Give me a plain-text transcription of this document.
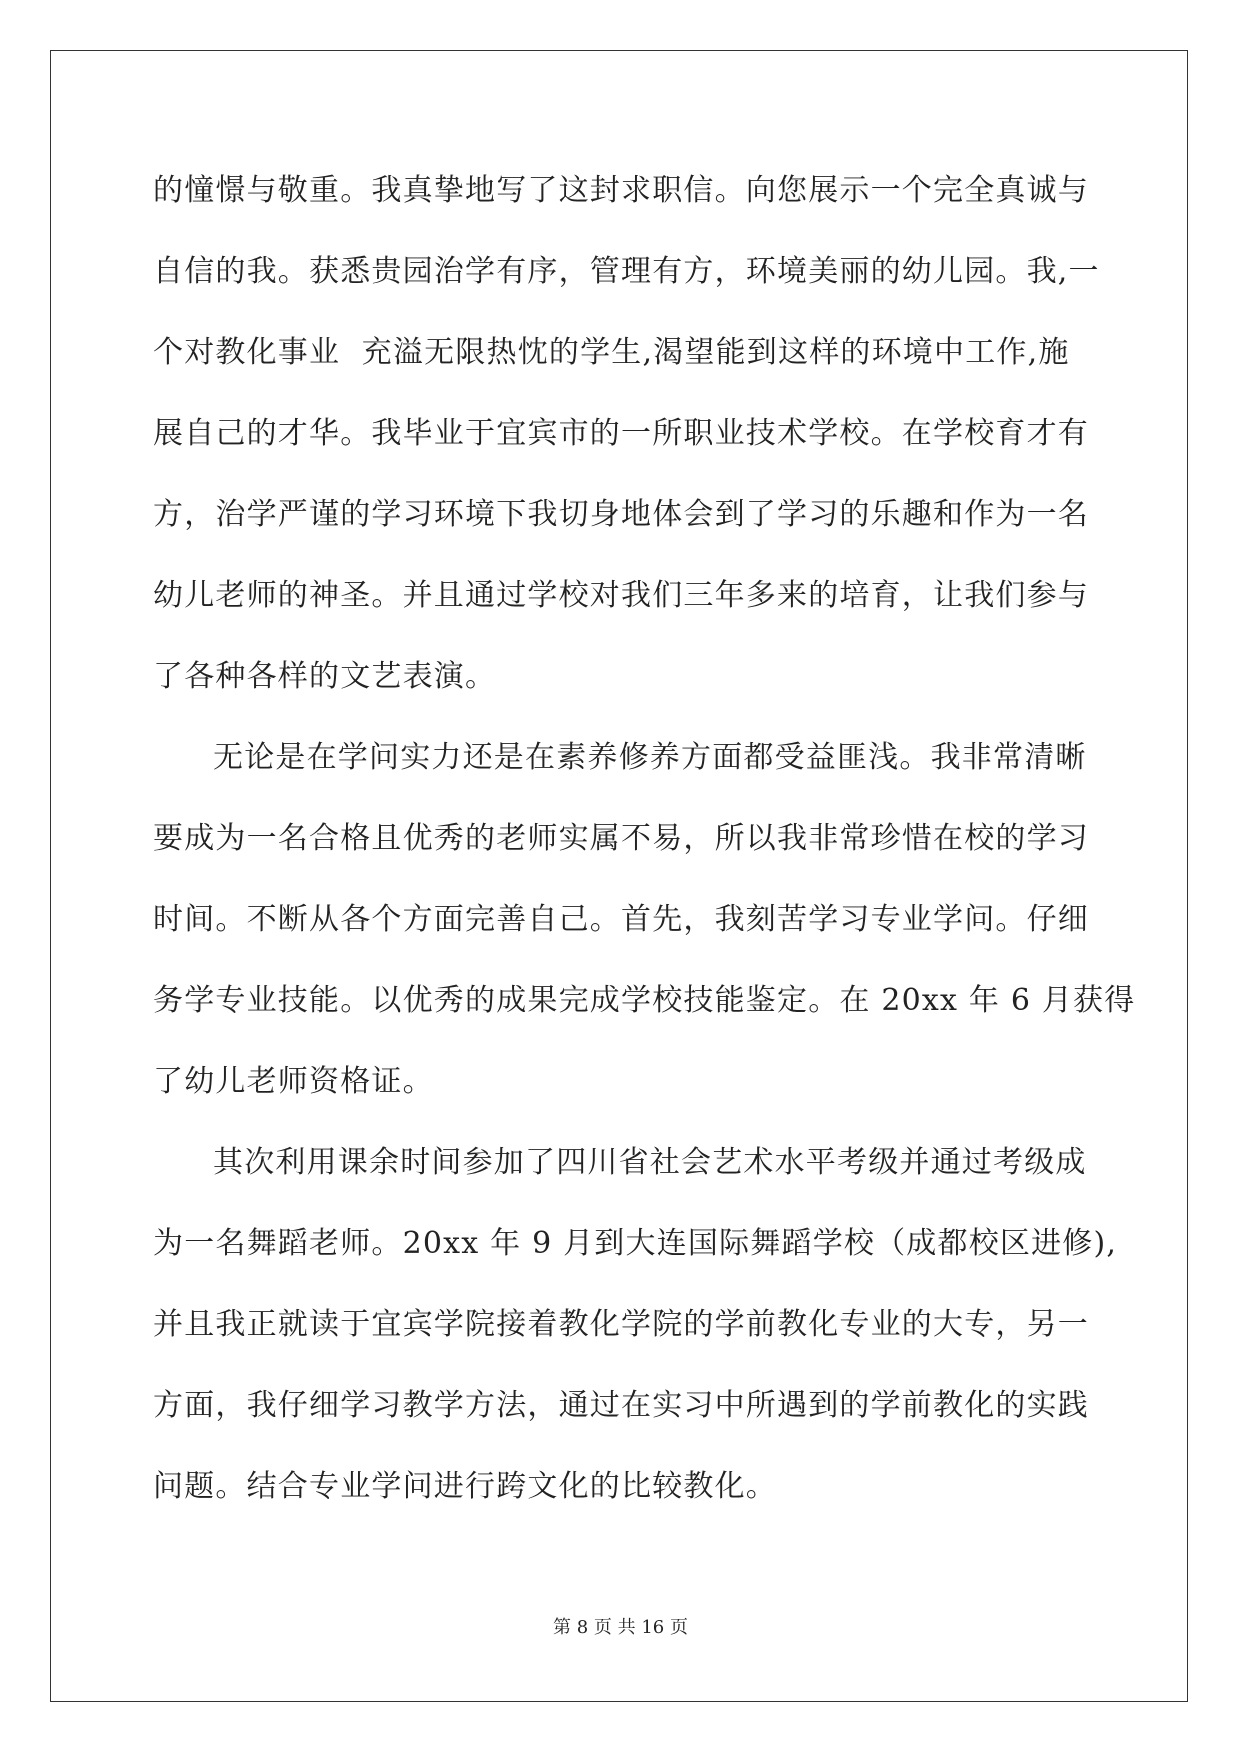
的憧憬与敬重。我真挚地写了这封求职信。向您展示一个完全真诚与
自信的我。获悉贵园治学有序，管理有方，环境美丽的幼儿园。我,一
个对教化事业  充溢无限热忱的学生,渴望能到这样的环境中工作,施
展自己的才华。我毕业于宜宾市的一所职业技术学校。在学校育才有
方，治学严谨的学习环境下我切身地体会到了学习的乐趣和作为一名
幼儿老师的神圣。并且通过学校对我们三年多来的培育，让我们参与
了各种各样的文艺表演。
无论是在学问实力还是在素养修养方面都受益匪浅。我非常清晰
要成为一名合格且优秀的老师实属不易，所以我非常珍惜在校的学习
时间。不断从各个方面完善自己。首先，我刻苦学习专业学问。仔细
务学专业技能。以优秀的成果完成学校技能鉴定。在 20xx 年 6 月获得
了幼儿老师资格证。
其次利用课余时间参加了四川省社会艺术水平考级并通过考级成
为一名舞蹈老师。20xx 年 9 月到大连国际舞蹈学校（成都校区进修),
并且我正就读于宜宾学院接着教化学院的学前教化专业的大专，另一
方面，我仔细学习教学方法，通过在实习中所遇到的学前教化的实践
问题。结合专业学问进行跨文化的比较教化。
第 8 页 共 16 页
